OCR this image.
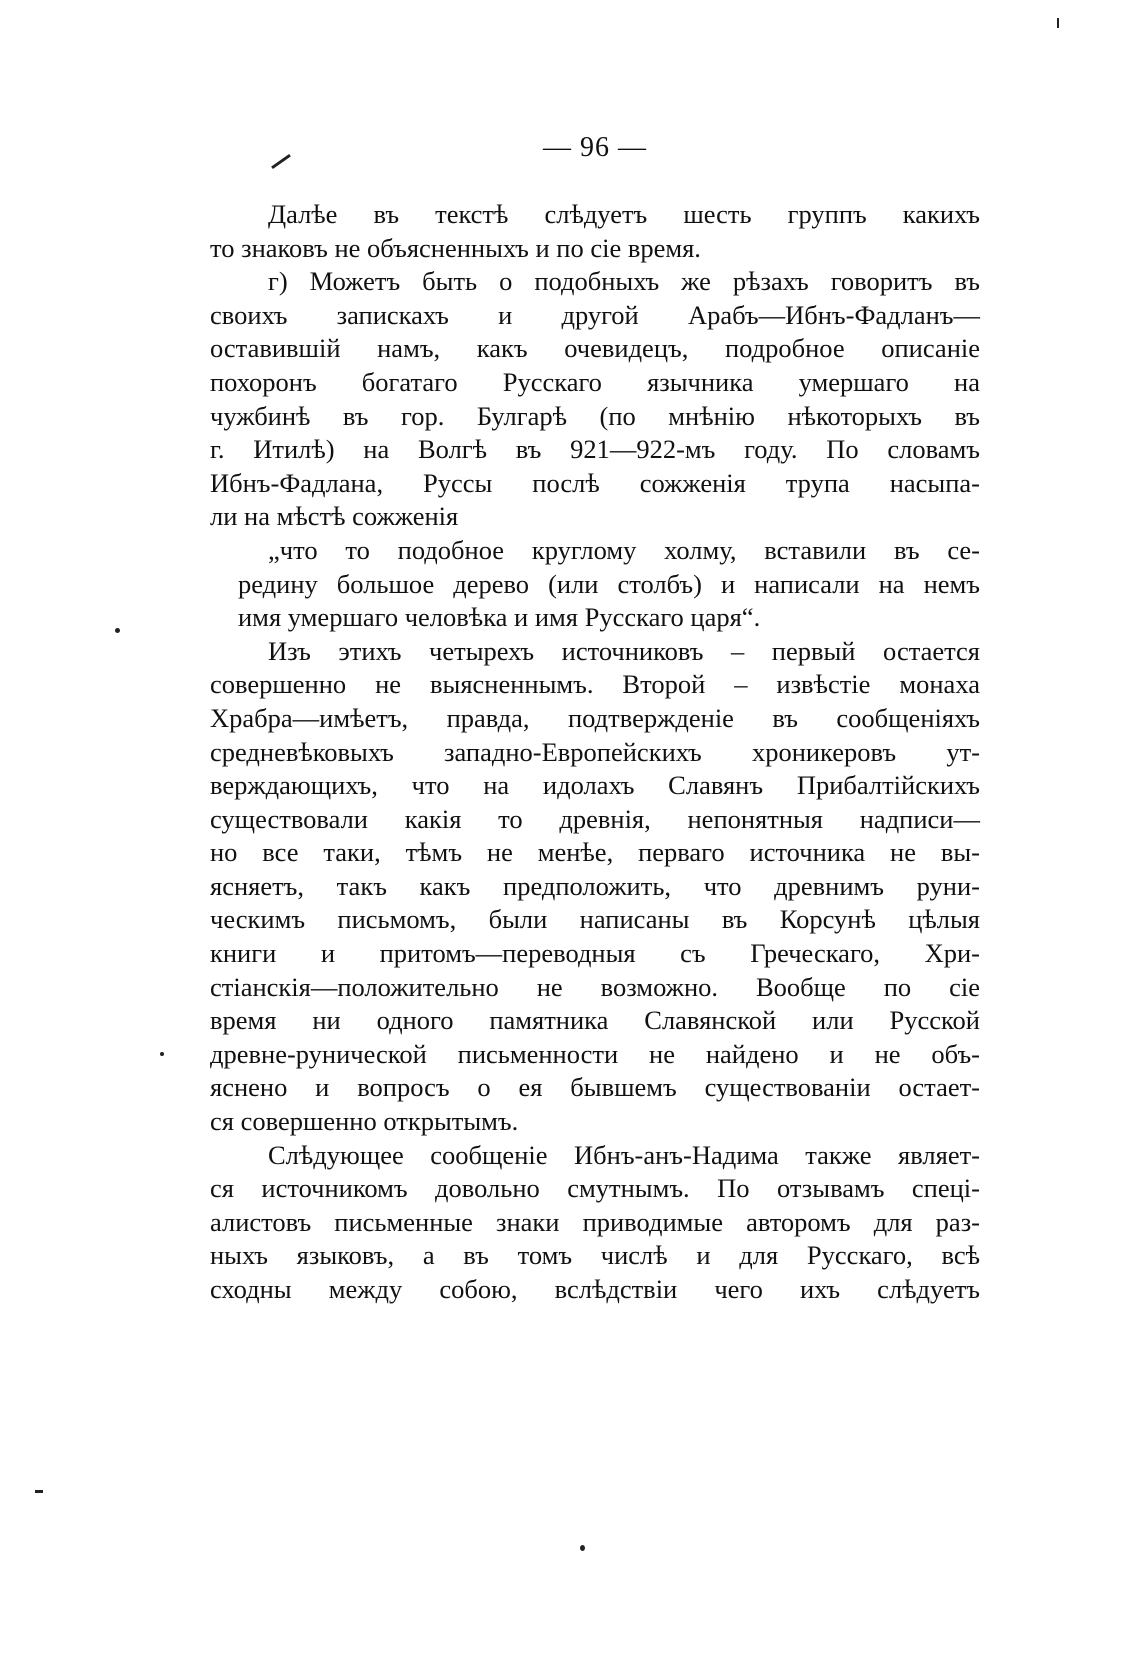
— 96 —
Далѣе въ текстѣ слѣдуетъ шесть группъ какихъ
то знаковъ не объясненныхъ и по сіе время.
г) Можетъ быть о подобныхъ же рѣзахъ говоритъ въ
своихъ запискахъ и другой Арабъ—Ибнъ-Фадланъ—
оставившій намъ, какъ очевидецъ, подробное описаніе
похоронъ богатаго Русскаго язычника умершаго на
чужбинѣ въ гор. Булгарѣ (по мнѣнію нѣкоторыхъ въ
г. Итилѣ) на Волгѣ въ 921—922-мъ году. По словамъ
Ибнъ-Фадлана, Руссы послѣ сожженія трупа насыпа-
ли на мѣстѣ сожженія
„что то подобное круглому холму, вставили въ се-
редину большое дерево (или столбъ) и написали на немъ
имя умершаго человѣка и имя Русскаго царя“.
Изъ этихъ четырехъ источниковъ – первый остается
совершенно не выясненнымъ. Второй – извѣстіе монаха
Храбра—имѣетъ, правда, подтвержденіе въ сообщеніяхъ
средневѣковыхъ западно-Европейскихъ хроникеровъ ут-
верждающихъ, что на идолахъ Славянъ Прибалтійскихъ
существовали какія то древнія, непонятныя надписи—
но все таки, тѣмъ не менѣе, перваго источника не вы-
ясняетъ, такъ какъ предположить, что древнимъ руни-
ческимъ письмомъ, были написаны въ Корсунѣ цѣлыя
книги и притомъ—переводныя съ Греческаго, Хри-
стіанскія—положительно не возможно. Вообще по сіе
время ни одного памятника Славянской или Русской
древне-рунической письменности не найдено и не объ-
яснено и вопросъ о ея бывшемъ существованіи остает-
ся совершенно открытымъ.
Слѣдующее сообщеніе Ибнъ-анъ-Надима также являет-
ся источникомъ довольно смутнымъ. По отзывамъ спеці-
алистовъ письменные знаки приводимые авторомъ для раз-
ныхъ языковъ, а въ томъ числѣ и для Русскаго, всѣ
сходны между собою, вслѣдствіи чего ихъ слѣдуетъ
